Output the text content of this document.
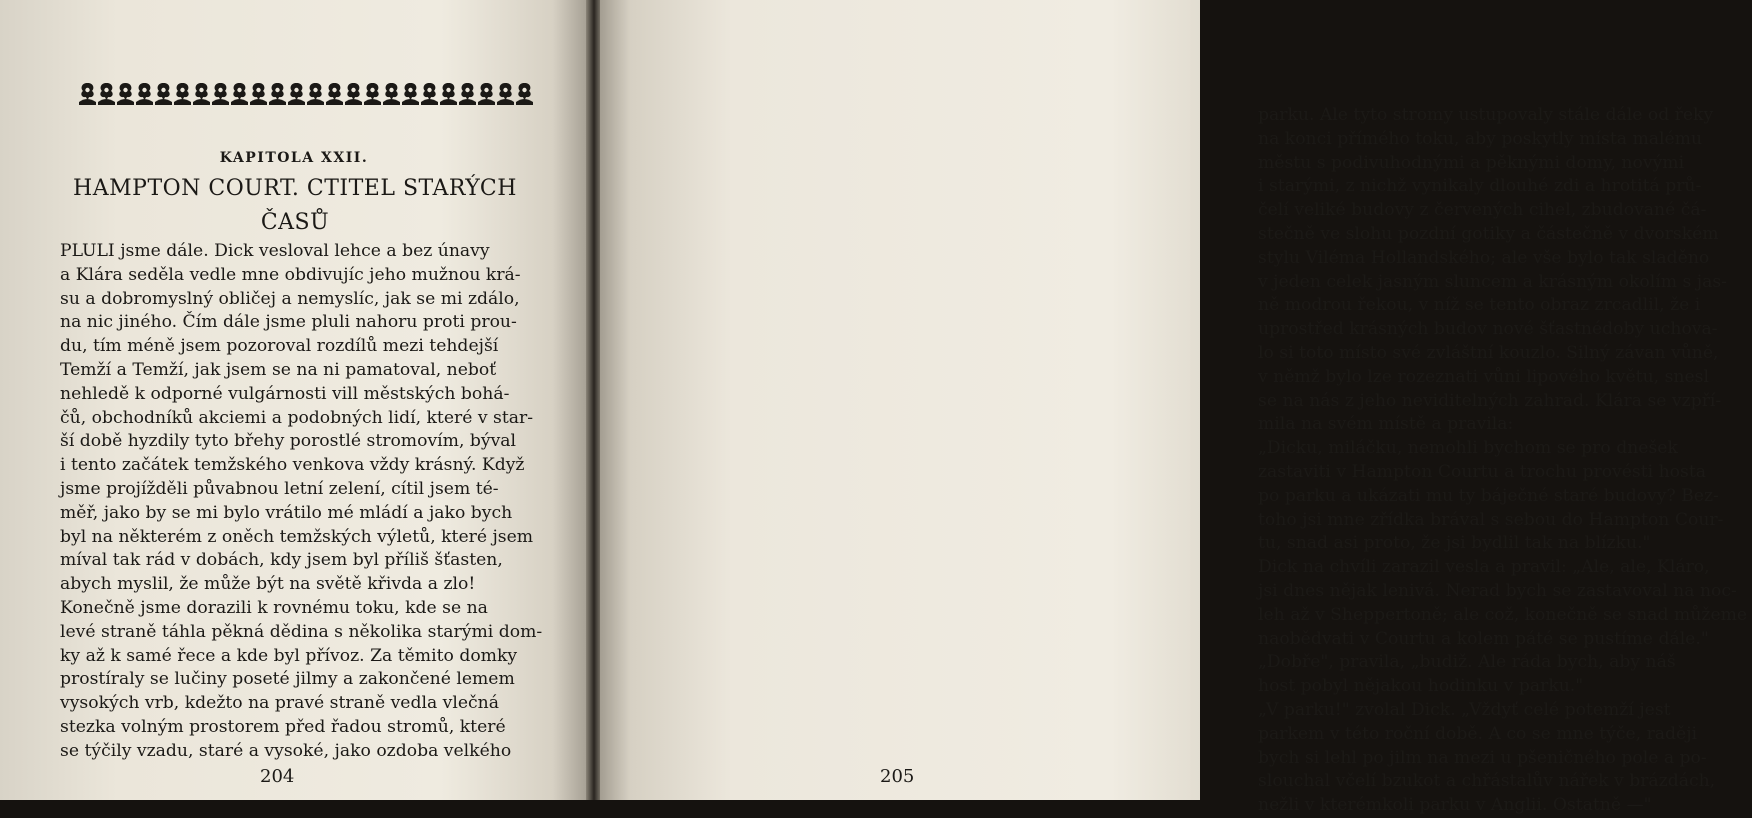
KAPITOLA XXII.
HAMPTON COURT. CTITEL STARÝCH ČASŮ
PLULI jsme dále. Dick vesloval lehce a bez únavy
a Klára seděla vedle mne obdivujíc jeho mužnou krá-
su a dobromyslný obličej a nemyslíc, jak se mi zdálo,
na nic jiného. Čím dále jsme pluli nahoru proti prou-
du, tím méně jsem pozoroval rozdílů mezi tehdejší
Temží a Temží, jak jsem se na ni pamatoval, neboť
nehledě k odporné vulgárnosti vill městských bohá-
čů, obchodníků akciemi a podobných lidí, které v star-
ší době hyzdily tyto břehy porostlé stromovím, býval
i tento začátek temžského venkova vždy krásný. Když
jsme projížděli půvabnou letní zelení, cítil jsem té-
měř, jako by se mi bylo vrátilo mé mládí a jako bych
byl na některém z oněch temžských výletů, které jsem
míval tak rád v dobách, kdy jsem byl příliš šťasten,
abych myslil, že může být na světě křivda a zlo!
Konečně jsme dorazili k rovnému toku, kde se na
levé straně táhla pěkná dědina s několika starými dom-
ky až k samé řece a kde byl přívoz. Za těmito domky
prostíraly se lučiny poseté jilmy a zakončené lemem
vysokých vrb, kdežto na pravé straně vedla vlečná
stezka volným prostorem před řadou stromů, které
se týčily vzadu, staré a vysoké, jako ozdoba velkého
204
parku. Ale tyto stromy ustupovaly stále dále od řeky
na konci přímého toku, aby poskytly místa malému
městu s podivuhodnými a pěknými domy, novými
i starými, z nichž vynikaly dlouhé zdi a hrotitá prů-
čelí veliké budovy z červených cihel, zbudované čá-
stečně ve slohu pozdní gotiky a částečně v dvorském
stylu Viléma Hollandského; ale vše bylo tak sladěno
v jeden celek jasným sluncem a krásným okolím s jas-
ně modrou řekou, v níž se tento obraz zrcadlil, že i
uprostřed krásných budov nové šťastnédoby uchova-
lo si toto místo své zvláštní kouzlo. Silný závan vůně,
v němž bylo lze rozeznati vůni lipového květu, snesl
se na nás z jeho neviditelných zahrad. Klára se vzpří-
mila na svém místě a pravila:
„Dicku, miláčku, nemohli bychom se pro dnešek
zastaviti v Hampton Courtu a trochu provésti hosta
po parku a ukázati mu ty báječné staré budovy? Bez-
toho jsi mne zřídka brával s sebou do Hampton Cour-
tu, snad asi proto, že jsi bydlil tak na blízku."
Dick na chvíli zarazil vesla a pravil: „Ale, ale, Kláro,
jsi dnes nějak lenivá. Nerad bych se zastavoval na noc-
leh až v Sheppertoně; ale což, konečně se snad můžeme
naobědvati v Courtu a kolem páté se pustíme dále."
„Dobře", pravila, „budiž. Ale ráda bych, aby náš
host pobyl nějakou hodinku v parku."
„V parku!" zvolal Dick. „Vždyť celé potemží jest
parkem v této roční době. A co se mne týče, raději
bych si lehl po jilm na mezi u pšeničného pole a po-
slouchal včelí bzukot a chřástalův nářek v brázdách,
nežli v kterémkoli parku v Anglii. Ostatně —"
205
